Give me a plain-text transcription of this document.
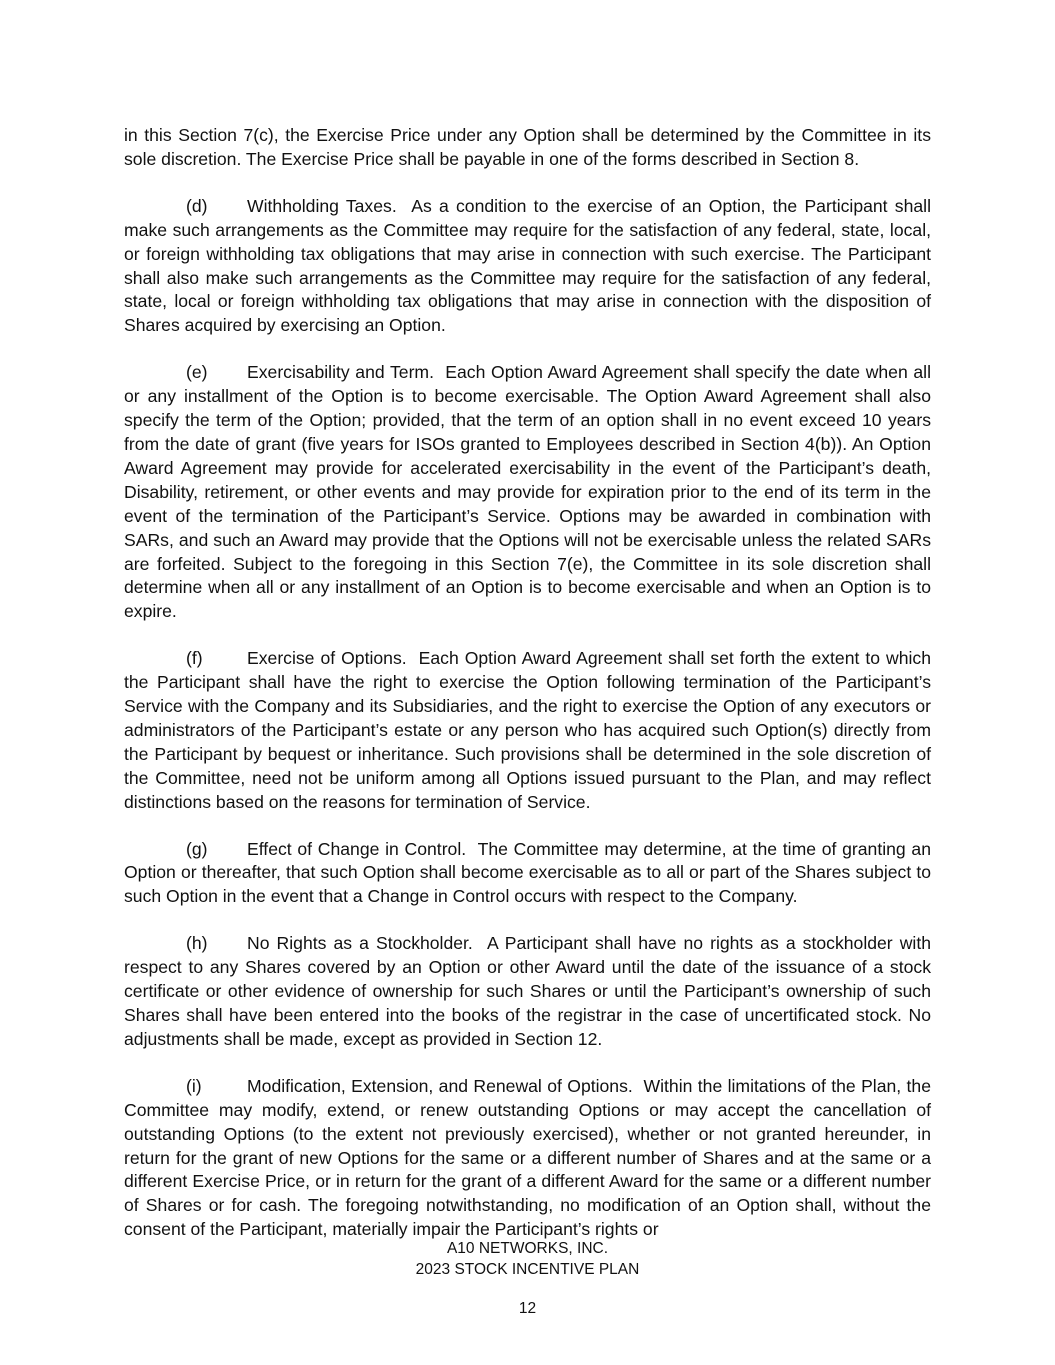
in this Section 7(c), the Exercise Price under any Option shall be determined by the Committee in its sole discretion. The Exercise Price shall be payable in one of the forms described in Section 8.

(d) Withholding Taxes. As a condition to the exercise of an Option, the Participant shall make such arrangements as the Committee may require for the satisfaction of any federal, state, local, or foreign withholding tax obligations that may arise in connection with such exercise. The Participant shall also make such arrangements as the Committee may require for the satisfaction of any federal, state, local or foreign withholding tax obligations that may arise in connection with the disposition of Shares acquired by exercising an Option.

(e) Exercisability and Term. Each Option Award Agreement shall specify the date when all or any installment of the Option is to become exercisable. The Option Award Agreement shall also specify the term of the Option; provided, that the term of an option shall in no event exceed 10 years from the date of grant (five years for ISOs granted to Employees described in Section 4(b)). An Option Award Agreement may provide for accelerated exercisability in the event of the Participant’s death, Disability, retirement, or other events and may provide for expiration prior to the end of its term in the event of the termination of the Participant’s Service. Options may be awarded in combination with SARs, and such an Award may provide that the Options will not be exercisable unless the related SARs are forfeited. Subject to the foregoing in this Section 7(e), the Committee in its sole discretion shall determine when all or any installment of an Option is to become exercisable and when an Option is to expire.

(f)	Exercise of Options. Each Option Award Agreement shall set forth the extent to which the Participant shall have the right to exercise the Option following termination of the Participant’s Service with the Company and its Subsidiaries, and the right to exercise the Option of any executors or administrators of the Participant’s estate or any person who has acquired such Option(s) directly from the Participant by bequest or inheritance. Such provisions shall be determined in the sole discretion of the Committee, need not be uniform among all Options issued pursuant to the Plan, and may reflect distinctions based on the reasons for termination of Service.

(g) Effect of Change in Control. The Committee may determine, at the time of granting an Option or thereafter, that such Option shall become exercisable as to all or part of the Shares subject to such Option in the event that a Change in Control occurs with respect to the Company.

(h) No Rights as a Stockholder. A Participant shall have no rights as a stockholder with respect to any Shares covered by an Option or other Award until the date of the issuance of a stock certificate or other evidence of ownership for such Shares or until the Participant’s ownership of such Shares shall have been entered into the books of the registrar in the case of uncertificated stock. No adjustments shall be made, except as provided in Section 12.

(i)	Modification, Extension, and Renewal of Options. Within the limitations of the Plan, the Committee may modify, extend, or renew outstanding Options or may accept the cancellation of outstanding Options (to the extent not previously exercised), whether or not granted hereunder, in return for the grant of new Options for the same or a different number of Shares and at the same or a different Exercise Price, or in return for the grant of a different Award for the same or a different number of Shares or for cash. The foregoing notwithstanding, no modification of an Option shall, without the consent of the Participant, materially impair the Participant’s rights or

A10 NETWORKS, INC.
2023 STOCK INCENTIVE PLAN
12
